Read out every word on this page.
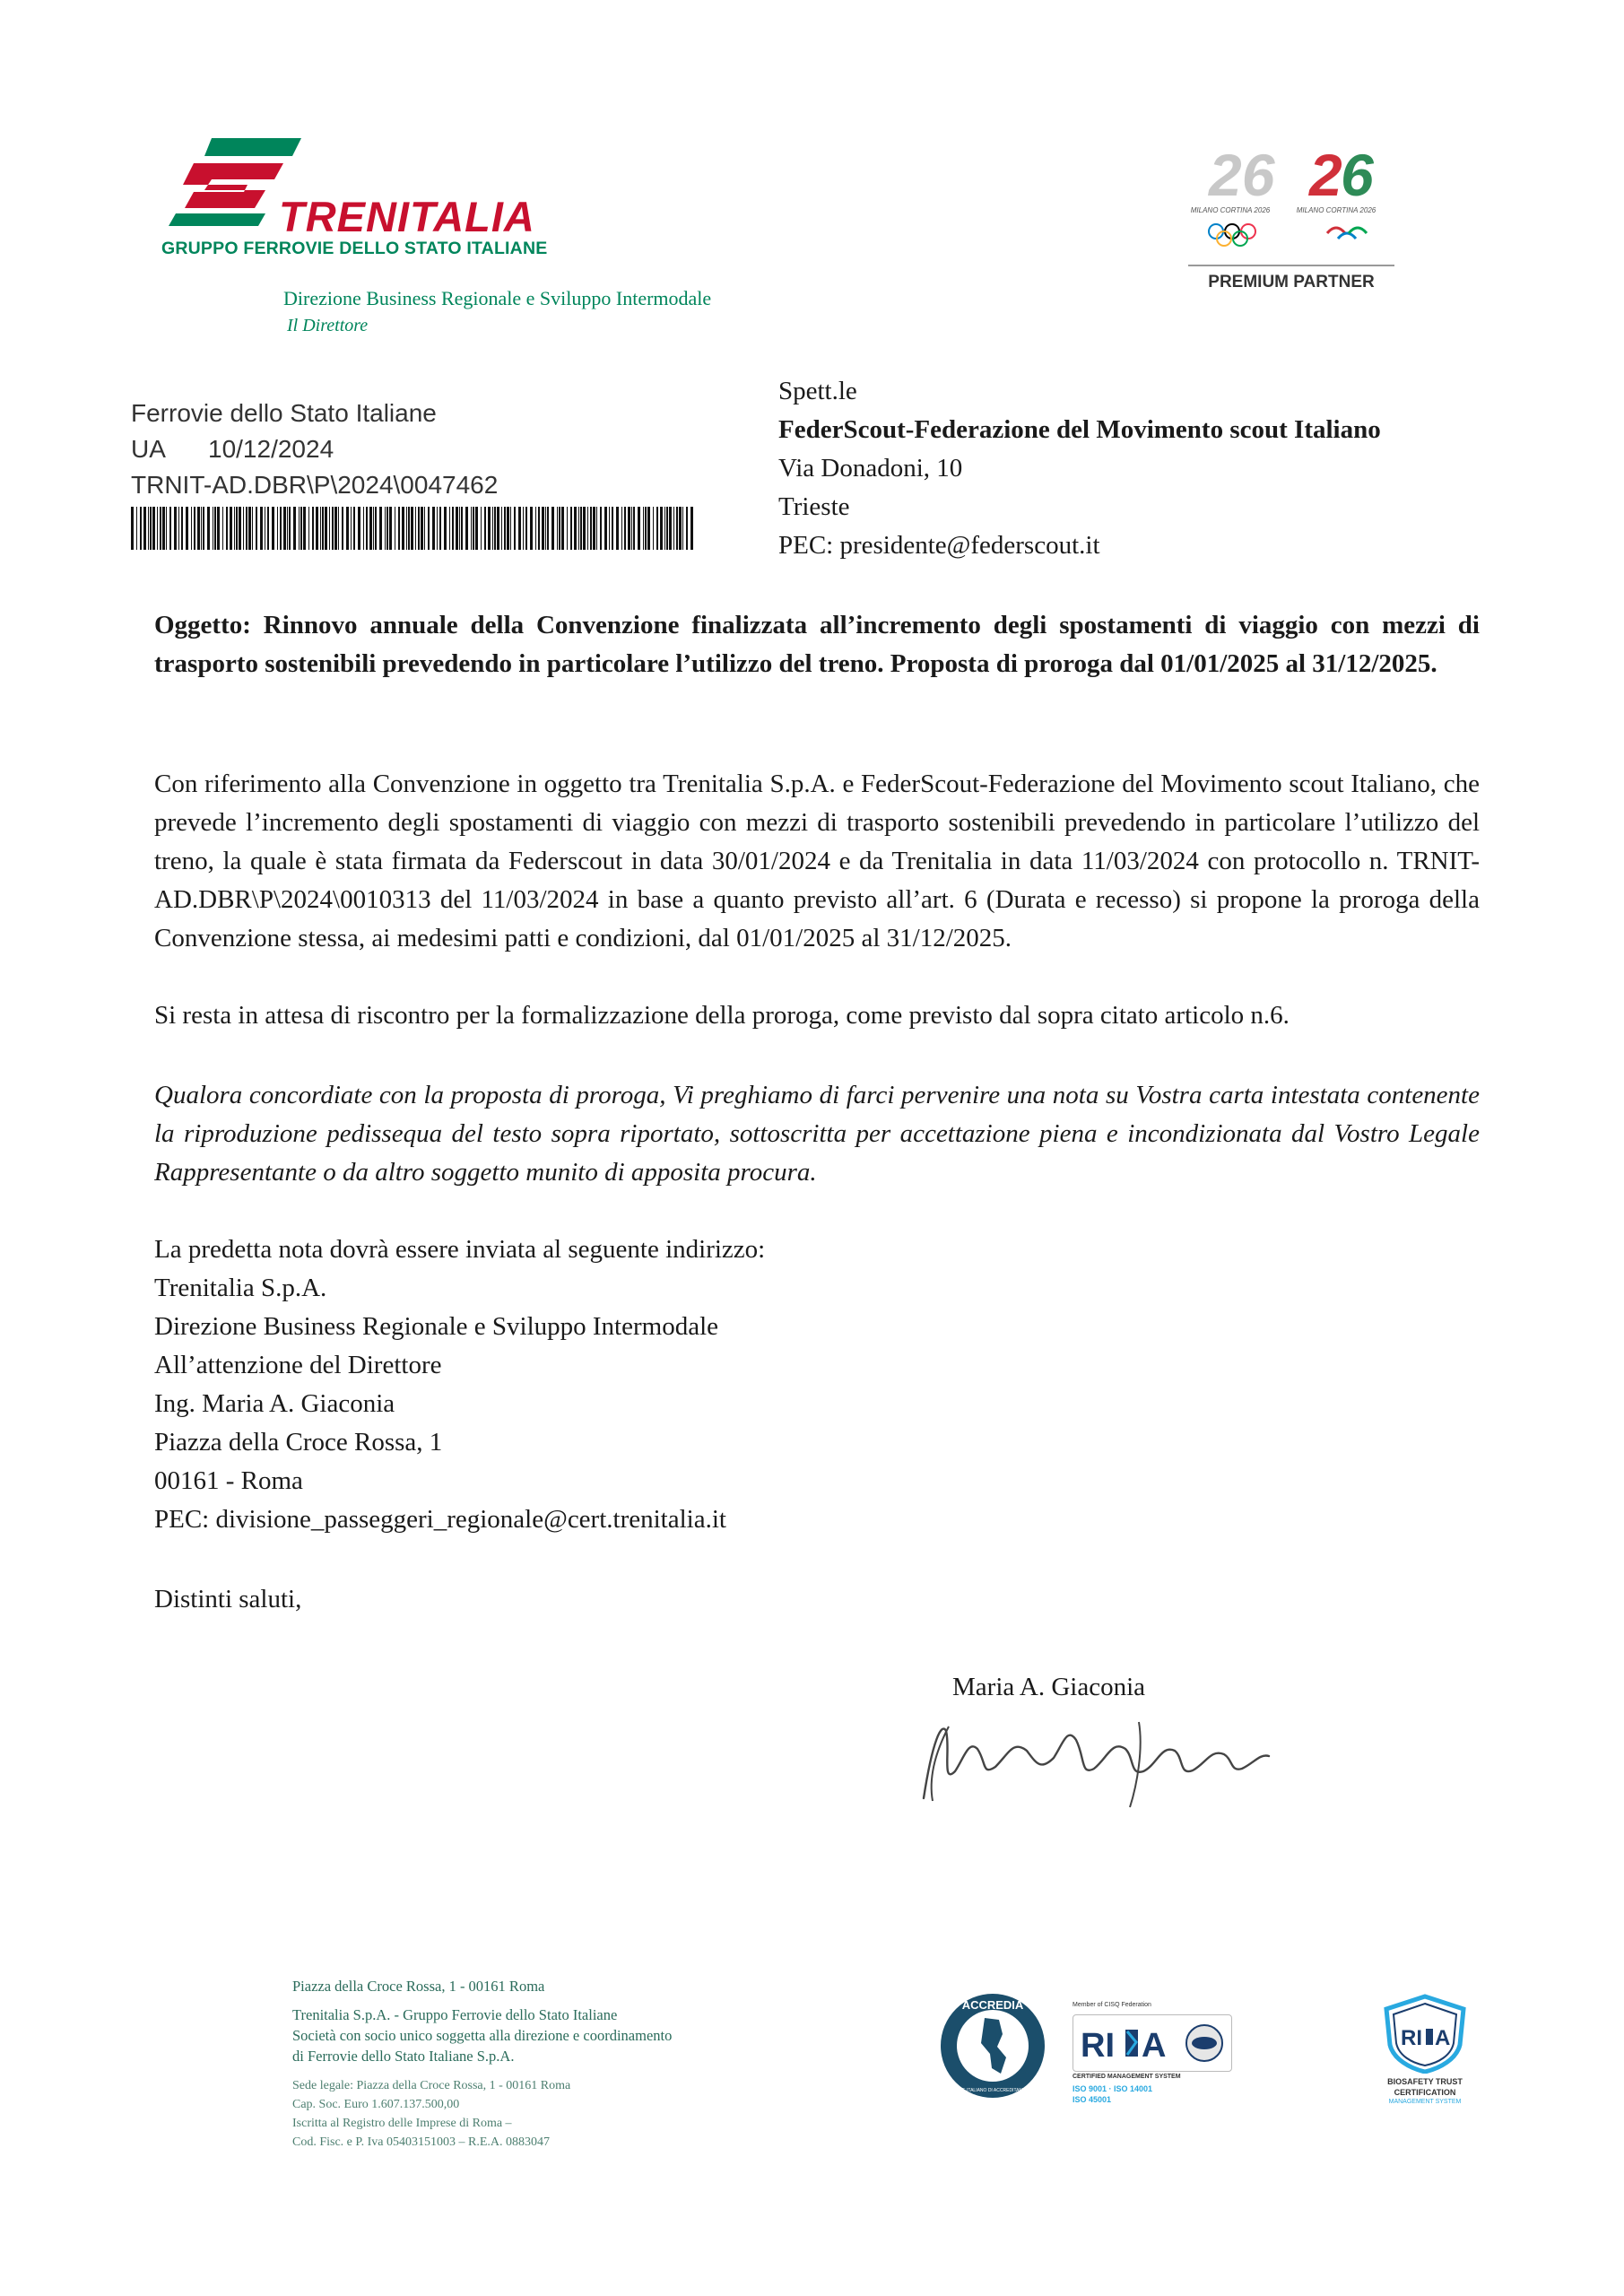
TRENITALIA
GRUPPO FERROVIE DELLO STATO ITALIANE
Direzione Business Regionale e Sviluppo Intermodale
Il Direttore
26 2
6
MILANO CORTINA 2026	MILANO CORTINA 2026
PREMIUM PARTNER
Ferrovie dello Stato Italiane
UA 10/12/2024
TRNIT-AD.DBR\P\2024\0047462
Spett.le
FederScout-Federazione del Movimento scout Italiano
Via Donadoni, 10
Trieste
PEC: presidente@federscout.it
Oggetto: Rinnovo annuale della Convenzione finalizzata all’incremento degli spostamenti di viaggio con mezzi di trasporto sostenibili prevedendo in particolare l’utilizzo del treno. Proposta di proroga dal 01/01/2025 al 31/12/2025.
Con riferimento alla Convenzione in oggetto tra Trenitalia S.p.A. e FederScout-Federazione del Movimento scout Italiano, che prevede l’incremento degli spostamenti di viaggio con mezzi di trasporto sostenibili prevedendo in particolare l’utilizzo del treno, la quale è stata firmata da Federscout in data 30/01/2024 e da Trenitalia in data 11/03/2024 con protocollo n. TRNIT-AD.DBR\P\2024\0010313 del 11/03/2024 in base a quanto previsto all’art. 6 (Durata e recesso) si propone la proroga della Convenzione stessa, ai medesimi patti e condizioni, dal 01/01/2025 al 31/12/2025.
Si resta in attesa di riscontro per la formalizzazione della proroga, come previsto dal sopra citato articolo n.6.
Qualora concordiate con la proposta di proroga, Vi preghiamo di farci pervenire una nota su Vostra carta intestata contenente la riproduzione pedissequa del testo sopra riportato, sottoscritta per accettazione piena e incondizionata dal Vostro Legale Rappresentante o da altro soggetto munito di apposita procura.
La predetta nota dovrà essere inviata al seguente indirizzo:
Trenitalia S.p.A.
Direzione Business Regionale e Sviluppo Intermodale
All’attenzione del Direttore
Ing. Maria A. Giaconia
Piazza della Croce Rossa, 1
00161 - Roma
PEC: divisione_passeggeri_regionale@cert.trenitalia.it
Distinti saluti,
Maria A. Giaconia
Piazza della Croce Rossa, 1 - 00161 Roma
Trenitalia S.p.A. - Gruppo Ferrovie dello Stato Italiane
Società con socio unico soggetta alla direzione e coordinamento
di Ferrovie dello Stato Italiane S.p.A.
Sede legale: Piazza della Croce Rossa, 1 - 00161 Roma
Cap. Soc. Euro 1.607.137.500,00
Iscritta al Registro delle Imprese di Roma –
Cod. Fisc. e P. Iva 05403151003 – R.E.A. 0883047
ACCREDIA
L'ENTE ITALIANO DI ACCREDITAMENTO
Member of CISQ Federation
RI A
CERTIFIED MANAGEMENT SYSTEM
ISO 9001 · ISO 14001
ISO 45001
RI A
BIOSAFETY TRUST
CERTIFICATION
MANAGEMENT SYSTEM
